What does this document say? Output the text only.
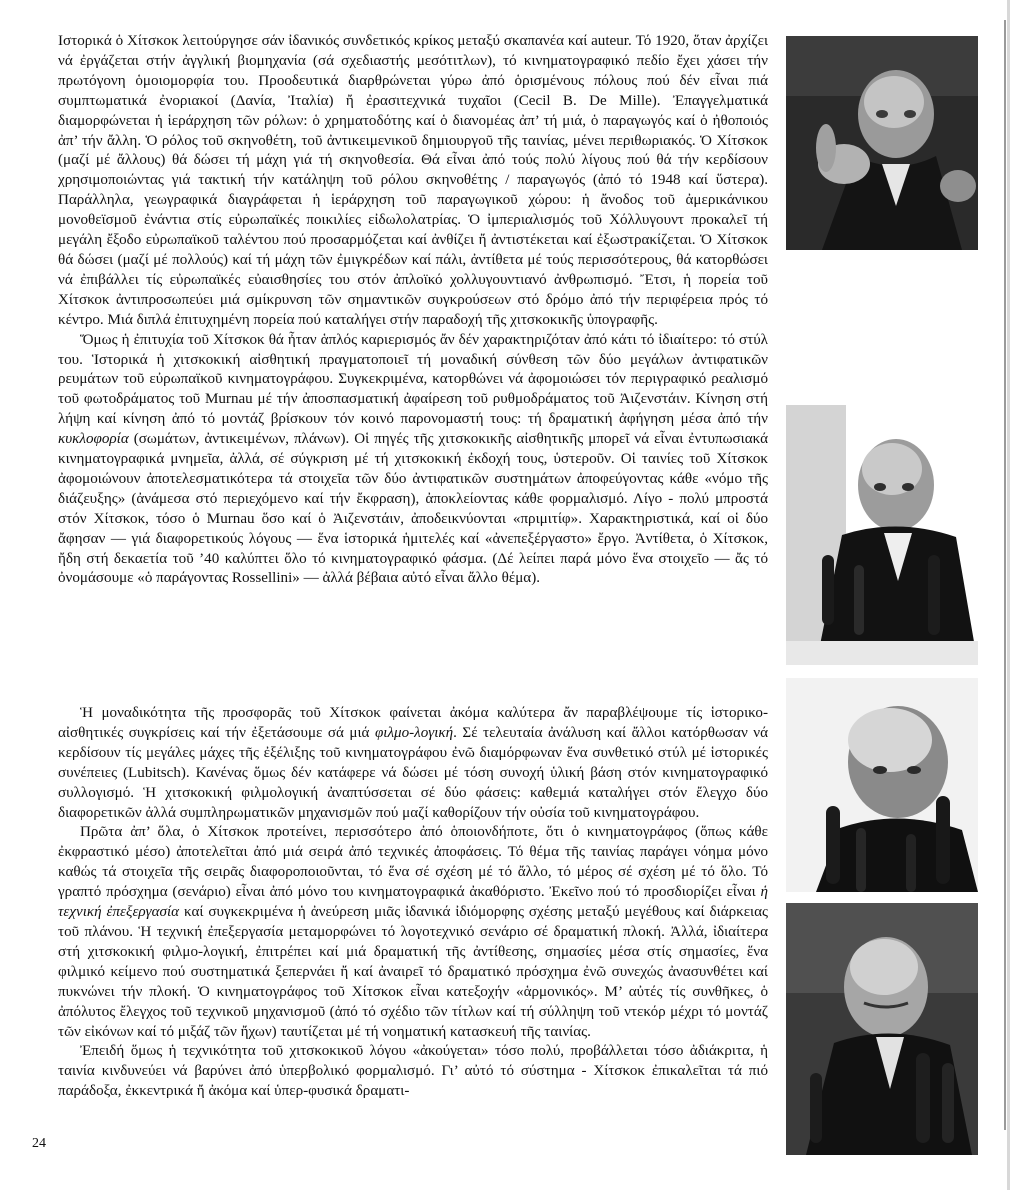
Ιστορικά ὁ Χίτσκοκ λειτούργησε σάν ἰδανικός συνδετικός κρίκος μεταξύ σκαπανέα καί auteur. Τό 1920, ὅταν ἀρχίζει νά ἐργάζεται στήν ἀγγλική βιομηχανία (σά σχεδιαστής μεσότιτλων), τό κινηματογραφικό πεδίο ἔχει χάσει τήν πρωτόγονη ὁμοιομορφία του. Προοδευτικά διαρθρώνεται γύρω ἀπό ὁρισμένους πόλους πού δέν εἶναι πιά συμπτωματικά ἐνοριακοί (Δανία, Ἰταλία) ἤ ἐρασιτεχνικά τυχαῖοι (Cecil B. De Mille). Ἐπαγγελματικά διαμορφώνεται ἡ ἱεράρχηση τῶν ρόλων: ὁ χρηματοδότης καί ὁ διανομέας ἀπ’ τή μιά, ὁ παραγωγός καί ὁ ἠθοποιός ἀπ’ τήν ἄλλη. Ὁ ρόλος τοῦ σκηνοθέτη, τοῦ ἀντικειμενικοῦ δημιουργοῦ τῆς ταινίας, μένει περιθωριακός. Ὁ Χίτσκοκ (μαζί μέ ἄλλους) θά δώσει τή μάχη γιά τή σκηνοθεσία. Θά εἶναι ἀπό τούς πολύ λίγους πού θά τήν κερδίσουν χρησιμοποιώντας γιά τακτική τήν κατάληψη τοῦ ρόλου σκηνοθέτης / παραγωγός (ἀπό τό 1948 καί ὕστερα). Παράλληλα, γεωγραφικά διαγράφεται ἡ ἱεράρχηση τοῦ παραγωγικοῦ χώρου: ἡ ἄνοδος τοῦ ἀμερικάνικου μονοθεϊσμοῦ ἐνάντια στίς εὐρωπαϊκές ποικιλίες εἰδωλολατρίας. Ὁ ἰμπεριαλισμός τοῦ Χόλλυγουντ προκαλεῖ τή μεγάλη ἔξοδο εὐρωπαϊκοῦ ταλέντου πού προσαρμόζεται καί ἀνθίζει ἤ ἀντιστέκεται καί ἐξωστρακίζεται. Ὁ Χίτσκοκ θά δώσει (μαζί μέ πολλούς) καί τή μάχη τῶν ἐμιγκρέδων καί πάλι, ἀντίθετα μέ τούς περισσότερους, θά κατορθώσει νά ἐπιβάλλει τίς εὐρωπαϊκές εὐαισθησίες του στόν ἀπλοϊκό χολλυγουντιανό ἀνθρωπισμό. Ἔτσι, ἡ πορεία τοῦ Χίτσκοκ ἀντιπροσωπεύει μιά σμίκρυνση τῶν σημαντικῶν συγκρούσεων στό δρόμο ἀπό τήν περιφέρεια πρός τό κέντρο. Μιά διπλά ἐπιτυχημένη πορεία πού καταλήγει στήν παραδοχή τῆς χιτσκοκικῆς ὑπογραφῆς.

Ὅμως ἡ ἐπιτυχία τοῦ Χίτσκοκ θά ἦταν ἁπλός καριερισμός ἄν δέν χαρακτηριζόταν ἀπό κάτι τό ἰδιαίτερο: τό στύλ του. Ἱστορικά ἡ χιτσκοκική αἰσθητική πραγματοποιεῖ τή μοναδική σύνθεση τῶν δύο μεγάλων ἀντιφατικῶν ρευμάτων τοῦ εὐρωπαϊκοῦ κινηματογράφου. Συγκεκριμένα, κατορθώνει νά ἀφομοιώσει τόν περιγραφικό ρεαλισμό τοῦ φωτοδράματος τοῦ Murnau μέ τήν ἀποσπασματική ἀφαίρεση τοῦ ρυθμοδράματος τοῦ Ἀιζενστάιν. Κίνηση στή λήψη καί κίνηση ἀπό τό μοντάζ βρίσκουν τόν κοινό παρονομαστή τους: τή δραματική ἀφήγηση μέσα ἀπό τήν κυκλοφορία (σωμάτων, ἀντικειμένων, πλάνων). Οἱ πηγές τῆς χιτσκοκικῆς αἰσθητικῆς μπορεῖ νά εἶναι ἐντυπωσιακά κινηματογραφικά μνημεῖα, ἀλλά, σέ σύγκριση μέ τή χιτσκοκική ἐκδοχή τους, ὑστεροῦν. Οἱ ταινίες τοῦ Χίτσκοκ ἀφομοιώνουν ἀποτελεσματικότερα τά στοιχεῖα τῶν δύο ἀντιφατικῶν συστημάτων ἀποφεύγοντας κάθε «νόμο τῆς διάζευξης» (ἀνάμεσα στό περιεχόμενο καί τήν ἔκφραση), ἀποκλείοντας κάθε φορμαλισμό. Λίγο - πολύ μπροστά στόν Χίτσκοκ, τόσο ὁ Murnau ὅσο καί ὁ Ἀιζενστάιν, ἀποδεικνύονται «πριμιτίφ». Χαρακτηριστικά, καί οἱ δύο ἄφησαν — γιά διαφορετικούς λόγους — ἕνα ἱστορικά ἡμιτελές καί «ἀνεπεξέργαστο» ἔργο. Ἀντίθετα, ὁ Χίτσκοκ, ἤδη στή δεκαετία τοῦ ’40 καλύπτει ὅλο τό κινηματογραφικό φάσμα. (Δέ λείπει παρά μόνο ἕνα στοιχεῖο — ἄς τό ὀνομάσουμε «ὁ παράγοντας Rossellini» — ἀλλά βέβαια αὐτό εἶναι ἄλλο θέμα).

Ἡ μοναδικότητα τῆς προσφορᾶς τοῦ Χίτσκοκ φαίνεται ἀκόμα καλύτερα ἄν παραβλέψουμε τίς ἱστορικο-αἰσθητικές συγκρίσεις καί τήν ἐξετάσουμε σά μιά φιλμο-λογική. Σέ τελευταία ἀνάλυση καί ἄλλοι κατόρθωσαν νά κερδίσουν τίς μεγάλες μάχες τῆς ἐξέλιξης τοῦ κινηματογράφου ἐνῶ διαμόρφωναν ἕνα συνθετικό στύλ μέ ἱστορικές συνέπειες (Lubitsch). Κανένας ὅμως δέν κατάφερε νά δώσει μέ τόση συνοχή ὑλική βάση στόν κινηματογραφικό συλλογισμό. Ἡ χιτσκοκική φιλμολογική ἀναπτύσσεται σέ δύο φάσεις: καθεμιά καταλήγει στόν ἔλεγχο δύο διαφορετικῶν ἀλλά συμπληρωματικῶν μηχανισμῶν πού μαζί καθορίζουν τήν οὐσία τοῦ κινηματογράφου.

Πρῶτα ἀπ’ ὅλα, ὁ Χίτσκοκ προτείνει, περισσότερο ἀπό ὁποιονδήποτε, ὅτι ὁ κινηματογράφος (ὅπως κάθε ἐκφραστικό μέσο) ἀποτελεῖται ἀπό μιά σειρά ἀπό τεχνικές ἀποφάσεις. Τό θέμα τῆς ταινίας παράγει νόημα μόνο καθώς τά στοιχεῖα τῆς σειρᾶς διαφοροποιοῦνται, τό ἕνα σέ σχέση μέ τό ἄλλο, τό μέρος σέ σχέση μέ τό ὅλο. Τό γραπτό πρόσχημα (σενάριο) εἶναι ἀπό μόνο του κινηματογραφικά ἀκαθόριστο. Ἐκεῖνο πού τό προσδιορίζει εἶναι ἡ τεχνική ἐπεξεργασία καί συγκεκριμένα ἡ ἀνεύρεση μιᾶς ἰδανικά ἰδιόμορφης σχέσης μεταξύ μεγέθους καί διάρκειας τοῦ πλάνου. Ἡ τεχνική ἐπεξεργασία μεταμορφώνει τό λογοτεχνικό σενάριο σέ δραματική πλοκή. Ἀλλά, ἰδιαίτερα στή χιτσκοκική φιλμο-λογική, ἐπιτρέπει καί μιά δραματική τῆς ἀντίθεσης, σημασίες μέσα στίς σημασίες, ἕνα φιλμικό κείμενο πού συστηματικά ξεπερνάει ἤ καί ἀναιρεῖ τό δραματικό πρόσχημα ἐνῶ συνεχώς ἀνασυνθέτει καί πυκνώνει τήν πλοκή. Ὁ κινηματογράφος τοῦ Χίτσκοκ εἶναι κατεξοχήν «ἁρμονικός». Μ’ αὐτές τίς συνθῆκες, ὁ ἀπόλυτος ἔλεγχος τοῦ τεχνικοῦ μηχανισμοῦ (ἀπό τό σχέδιο τῶν τίτλων καί τή σύλληψη τοῦ ντεκόρ μέχρι τό μοντάζ τῶν εἰκόνων καί τό μιξάζ τῶν ἤχων) ταυτίζεται μέ τή νοηματική κατασκευή τῆς ταινίας.

Ἐπειδή ὅμως ἡ τεχνικότητα τοῦ χιτσκοκικοῦ λόγου «ἀκούγεται» τόσο πολύ, προβάλλεται τόσο ἀδιάκριτα, ἡ ταινία κινδυνεύει νά βαρύνει ἀπό ὑπερβολικό φορμαλισμό. Γι’ αὐτό τό σύστημα - Χίτσκοκ ἐπικαλεῖται τά πιό παράδοξα, ἐκκεντρικά ἤ ἀκόμα καί ὑπερ-φυσικά δραματι-

24
